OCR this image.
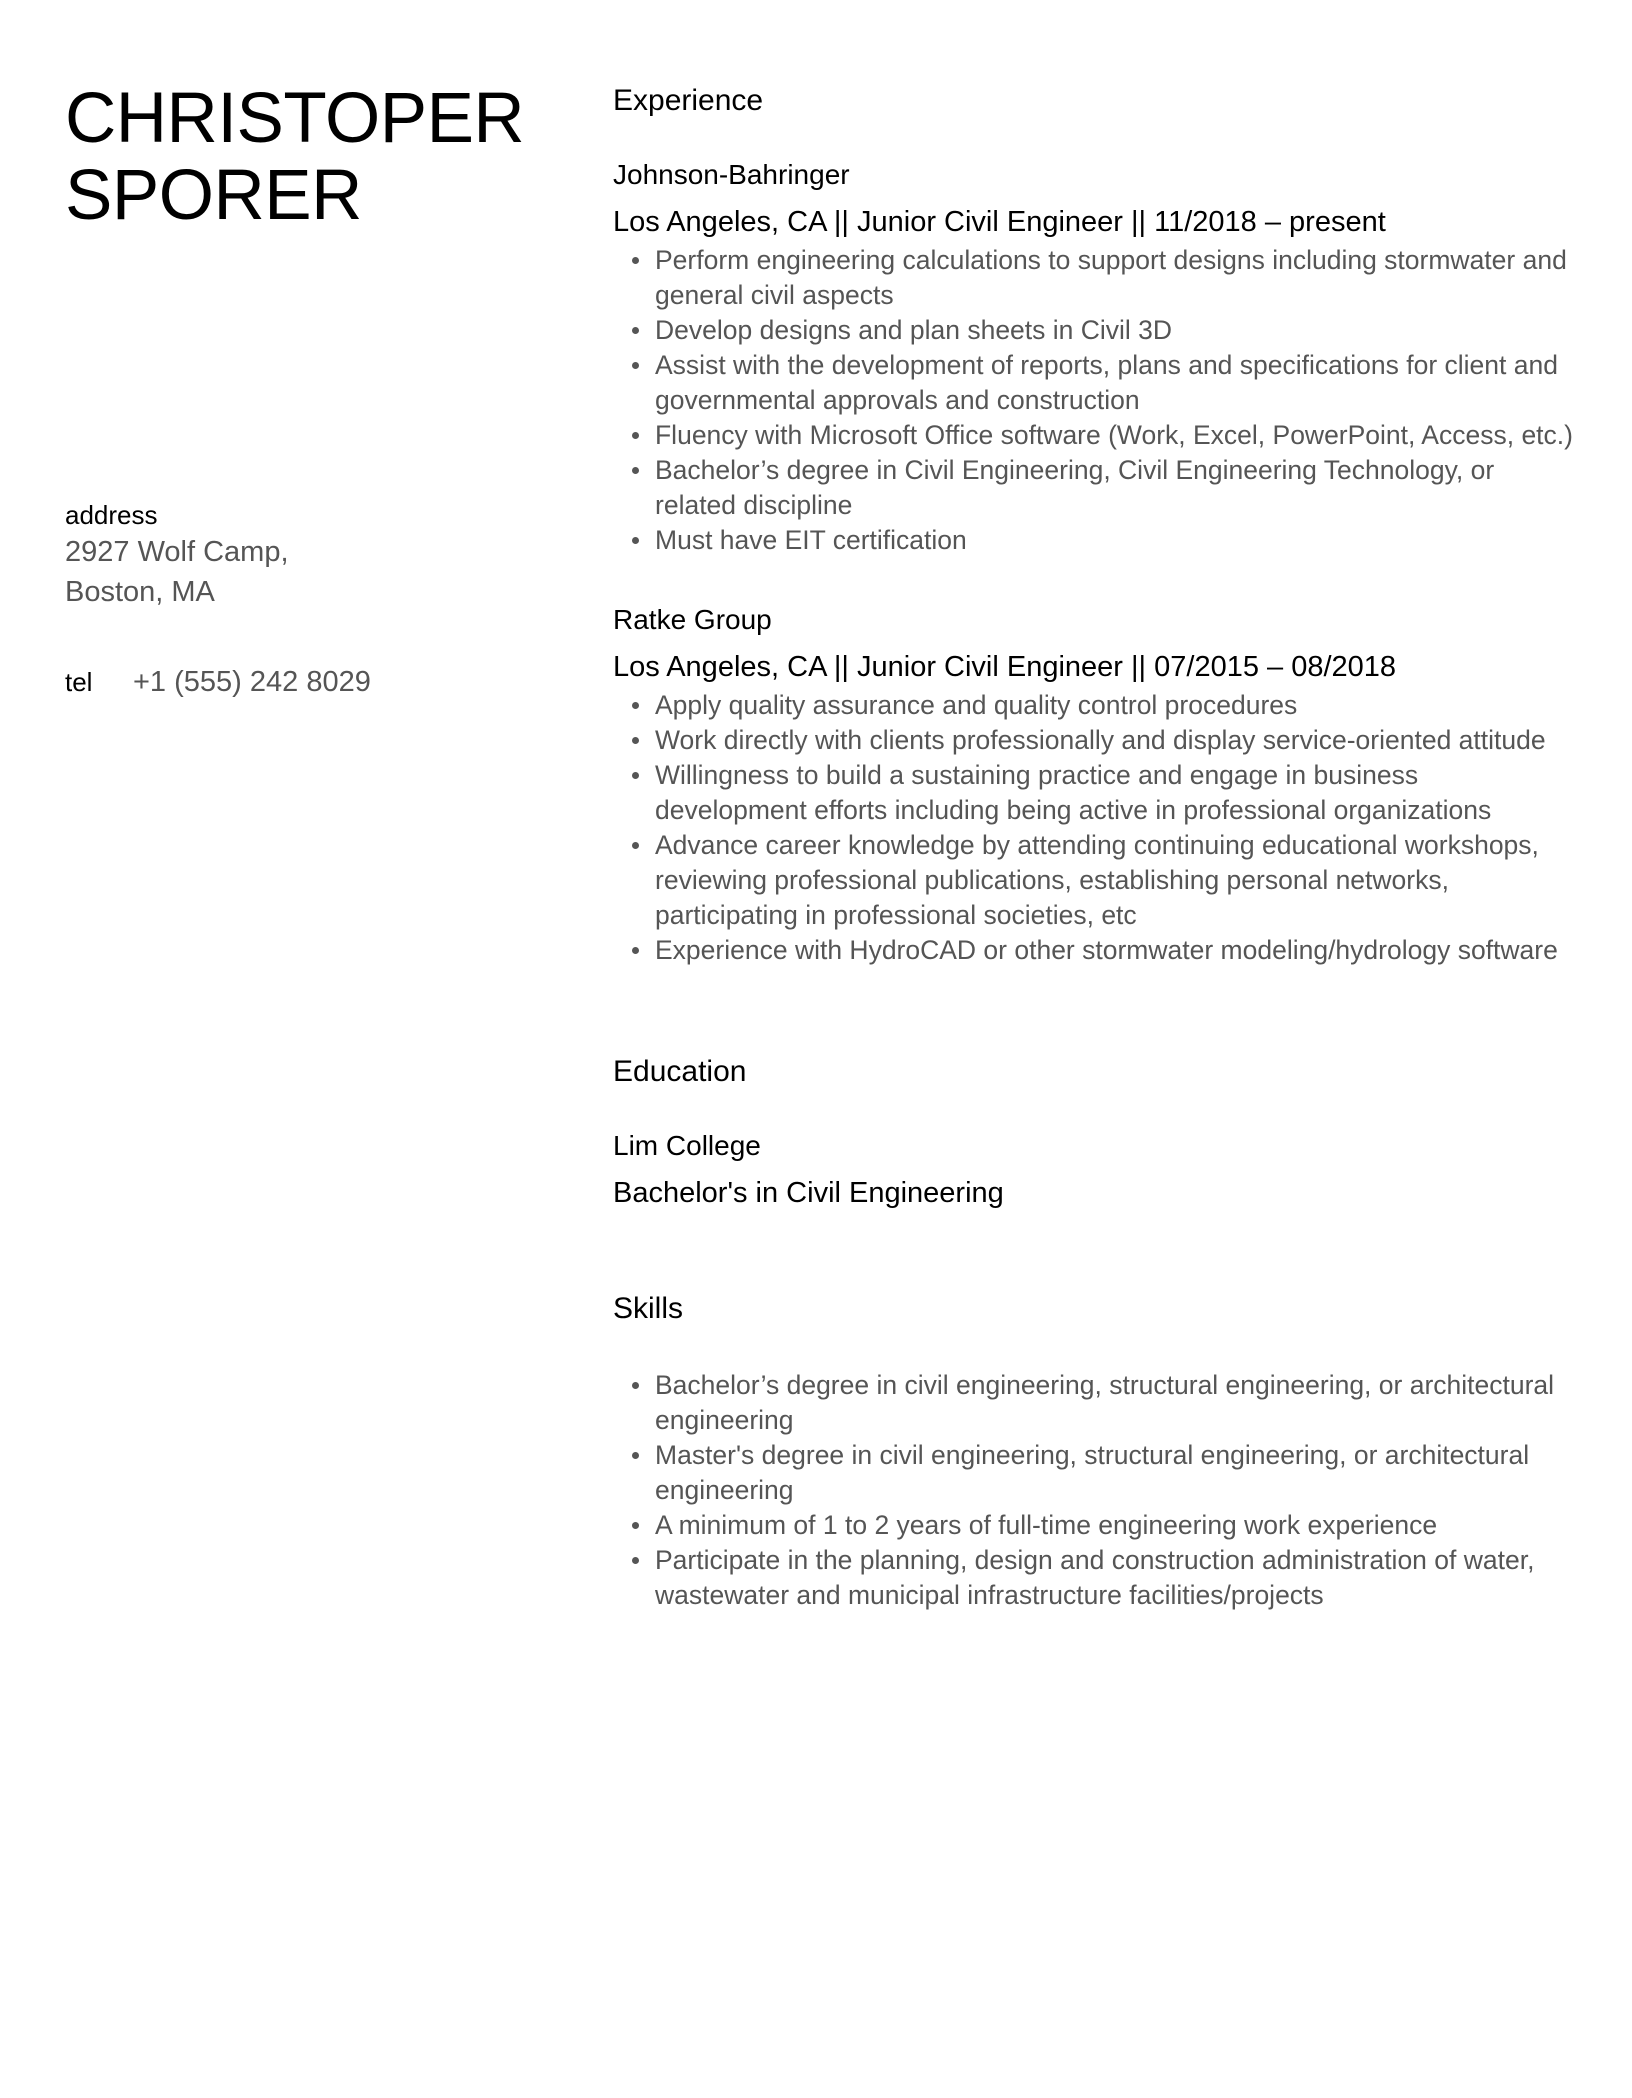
CHRISTOPER
SPORER
address
2927 Wolf Camp,
Boston, MA
tel	+1 (555) 242 8029
Experience
Johnson-Bahringer
Los Angeles, CA || Junior Civil Engineer || 11/2018 – present
Perform engineering calculations to support designs including stormwater and general civil aspects
Develop designs and plan sheets in Civil 3D
Assist with the development of reports, plans and specifications for client and governmental approvals and construction
Fluency with Microsoft Office software (Work, Excel, PowerPoint, Access, etc.)
Bachelor’s degree in Civil Engineering, Civil Engineering Technology, or related discipline
Must have EIT certification
Ratke Group
Los Angeles, CA || Junior Civil Engineer || 07/2015 – 08/2018
Apply quality assurance and quality control procedures
Work directly with clients professionally and display service-oriented attitude
Willingness to build a sustaining practice and engage in business development efforts including being active in professional organizations
Advance career knowledge by attending continuing educational workshops, reviewing professional publications, establishing personal networks, participating in professional societies, etc
Experience with HydroCAD or other stormwater modeling/hydrology software
Education
Lim College
Bachelor's in Civil Engineering
Skills
Bachelor’s degree in civil engineering, structural engineering, or architectural engineering
Master's degree in civil engineering, structural engineering, or architectural engineering
A minimum of 1 to 2 years of full-time engineering work experience
Participate in the planning, design and construction administration of water, wastewater and municipal infrastructure facilities/projects
